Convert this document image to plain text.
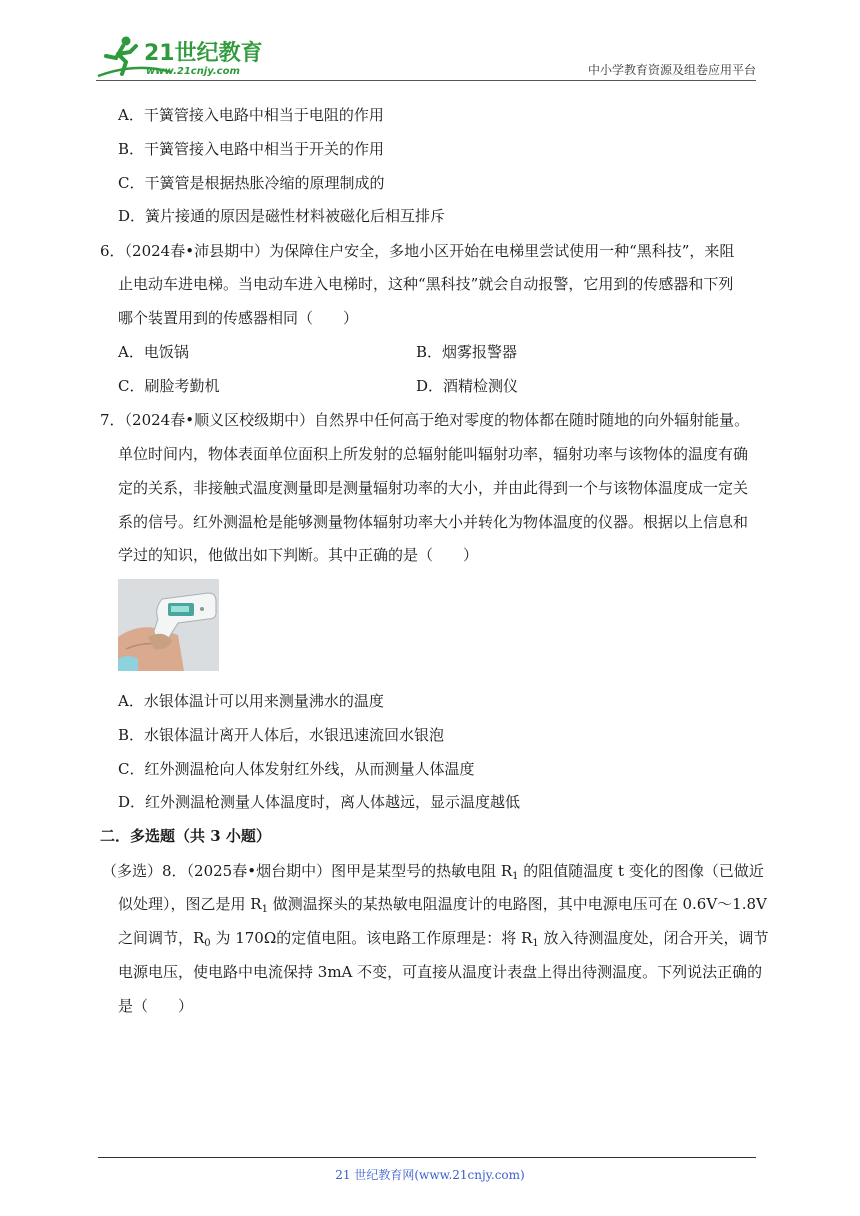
21世纪教育
www.21cnjy.com	中小学教育资源及组卷应用平台
A．干簧管接入电路中相当于电阻的作用
B．干簧管接入电路中相当于开关的作用
C．干簧管是根据热胀冷缩的原理制成的
D．簧片接通的原因是磁性材料被磁化后相互排斥
6．（2024春•沛县期中）为保障住户安全，多地小区开始在电梯里尝试使用一种“黑科技”，来阻
止电动车进电梯。当电动车进入电梯时，这种“黑科技”就会自动报警，它用到的传感器和下列
哪个装置用到的传感器相同（　　）
A．电饭锅	B．烟雾报警器
C．刷脸考勤机	D．酒精检测仪
7．（2024春•顺义区校级期中）自然界中任何高于绝对零度的物体都在随时随地的向外辐射能量。
单位时间内，物体表面单位面积上所发射的总辐射能叫辐射功率，辐射功率与该物体的温度有确
定的关系，非接触式温度测量即是测量辐射功率的大小，并由此得到一个与该物体温度成一定关
系的信号。红外测温枪是能够测量物体辐射功率大小并转化为物体温度的仪器。根据以上信息和
学过的知识，他做出如下判断。其中正确的是（　　）
A．水银体温计可以用来测量沸水的温度
B．水银体温计离开人体后，水银迅速流回水银泡
C．红外测温枪向人体发射红外线，从而测量人体温度
D．红外测温枪测量人体温度时，离人体越远，显示温度越低
二．多选题（共 3 小题）
（多选）8．（2025春•烟台期中）图甲是某型号的热敏电阻 $R_1$ 的阻值随温度 t 变化的图像（已做近
似处理），图乙是用 $R_1$ 做测温探头的某热敏电阻温度计的电路图，其中电源电压可在 0.6V～1.8V
之间调节，$R_0$ 为 170Ω的定值电阻。该电路工作原理是：将 $R_1$ 放入待测温度处，闭合开关，调节
电源电压，使电路中电流保持 3mA 不变，可直接从温度计表盘上得出待测温度。下列说法正确的
是（　　）
21 世纪教育网(www.21cnjy.com)
